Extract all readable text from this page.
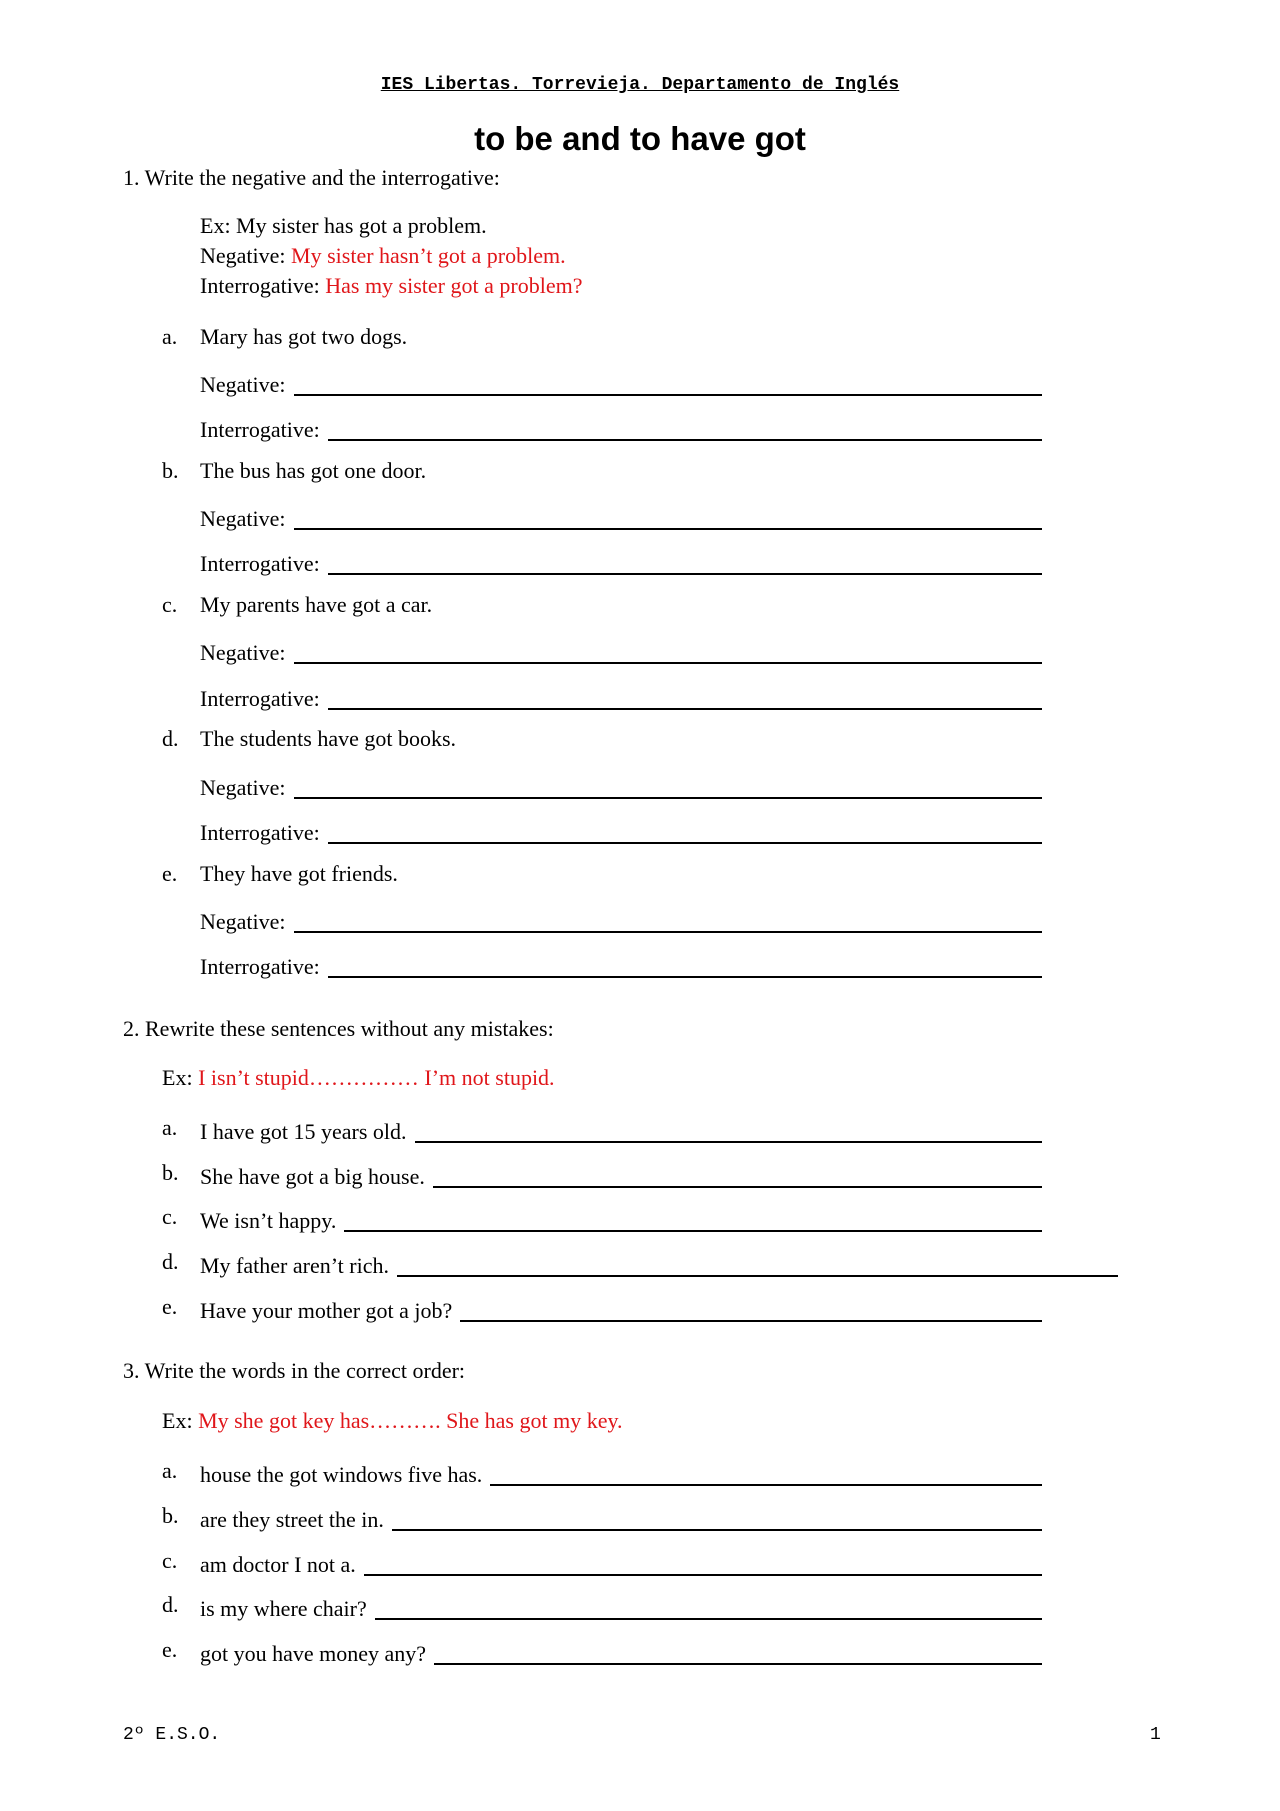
IES Libertas. Torrevieja. Departamento de Inglés
to be and to have got
1. Write the negative and the interrogative:
Ex: My sister has got a problem.
Negative: My sister hasn’t got a problem.
Interrogative: Has my sister got a problem?
a. Mary has got two dogs.
Negative:
Interrogative:
b. The bus has got one door.
Negative:
Interrogative:
c. My parents have got a car.
Negative:
Interrogative:
d. The students have got books.
Negative:
Interrogative:
e. They have got friends.
Negative:
Interrogative:
2. Rewrite these sentences without any mistakes:
Ex: I isn’t stupid…………… I’m not stupid.
a. I have got 15 years old.
b. She have got a big house.
c. We isn’t happy.
d. My father aren’t rich.
e. Have your mother got a job?
3. Write the words in the correct order:
Ex: My she got key has………. She has got my key.
a. house the got windows five has.
b. are they street the in.
c. am doctor I not a.
d. is my where chair?
e. got you have money any?
2º E.S.O.	1
